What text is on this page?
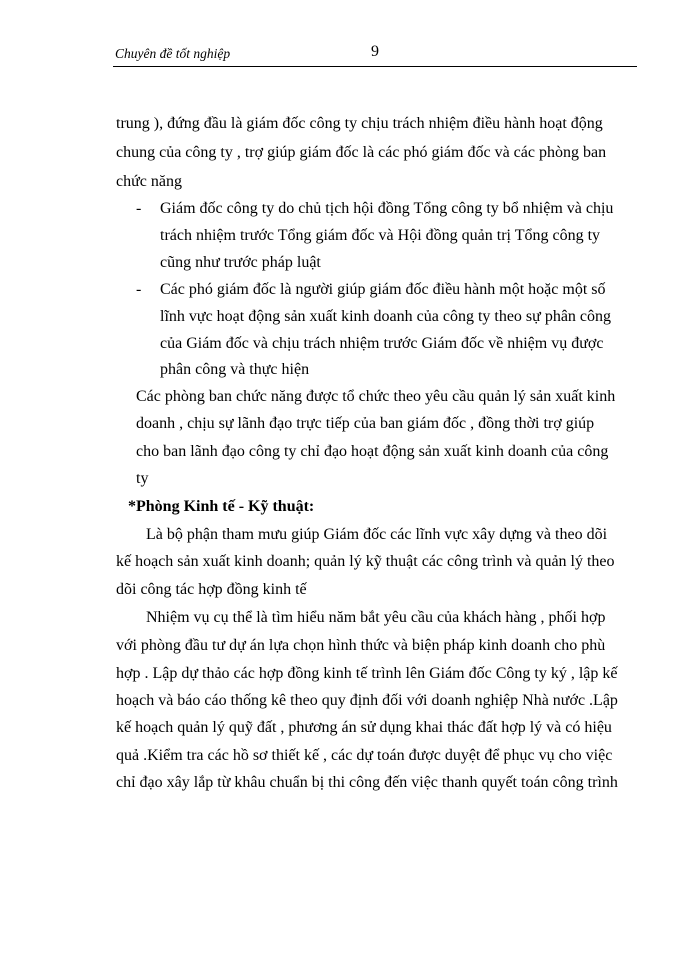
Chuyên đề tốt nghiệp	9
trung ), đứng đầu là giám đốc công ty chịu trách nhiệm điều hành hoạt động
chung của công ty , trợ giúp giám đốc là các phó giám đốc và các phòng ban
chức năng
- Giám đốc công ty do chủ tịch hội đồng Tổng công ty bổ nhiệm và chịu
trách nhiệm trước Tổng giám đốc và Hội đồng quản trị Tổng công ty
cũng như trước pháp luật
- Các phó giám đốc là người giúp giám đốc điều hành một hoặc một số
lĩnh vực hoạt động sản xuất kinh doanh của công ty theo sự phân công
của Giám đốc và chịu trách nhiệm trước Giám đốc về nhiệm vụ được
phân công và thực hiện
Các phòng ban chức năng được tổ chức theo yêu cầu quản lý sản xuất kinh
doanh , chịu sự lãnh đạo trực tiếp của ban giám đốc , đồng thời trợ giúp
cho ban lãnh đạo công ty chỉ đạo hoạt động sản xuất kinh doanh của công
ty
*Phòng Kinh tế - Kỹ thuật:
Là bộ phận tham mưu giúp Giám đốc các lĩnh vực xây dựng và theo dõi
kế hoạch sản xuất kinh doanh; quản lý kỹ thuật các công trình và quản lý theo
dõi công tác hợp đồng kinh tế
Nhiệm vụ cụ thể là tìm hiểu năm bắt yêu cầu của khách hàng , phối hợp
với phòng đầu tư dự án lựa chọn hình thức và biện pháp kinh doanh cho phù
hợp . Lập dự thảo các hợp đồng kinh tế trình lên Giám đốc Công ty ký , lập kế
hoạch và báo cáo thống kê theo quy định đối với doanh nghiệp Nhà nước .Lập
kế hoạch quản lý quỹ đất , phương án sử dụng khai thác đất hợp lý và có hiệu
quả .Kiểm tra các hồ sơ thiết kế , các dự toán được duyệt để phục vụ cho việc
chỉ đạo xây lắp từ khâu chuẩn bị thi công đến việc thanh quyết toán công trình
